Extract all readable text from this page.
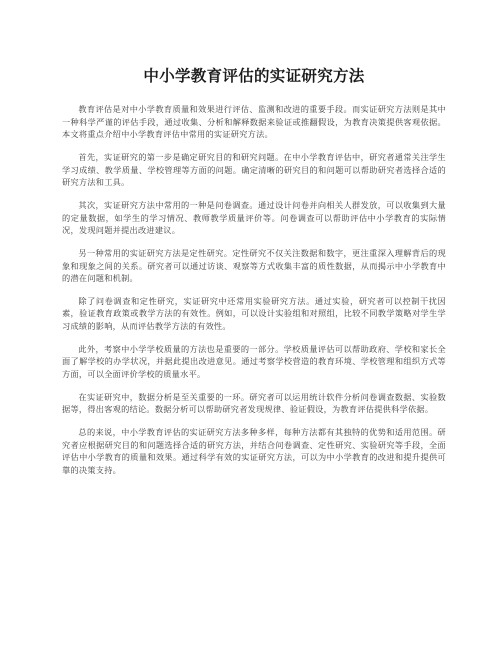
中小学教育评估的实证研究方法

教育评估是对中小学教育质量和效果进行评估、监测和改进的重要手段。而实证研究方法则是其中一种科学严谨的评估手段，通过收集、分析和解释数据来验证或推翻假设，为教育决策提供客观依据。本文将重点介绍中小学教育评估中常用的实证研究方法。

首先，实证研究的第一步是确定研究目的和研究问题。在中小学教育评估中，研究者通常关注学生学习成绩、教学质量、学校管理等方面的问题。确定清晰的研究目的和问题可以帮助研究者选择合适的研究方法和工具。

其次，实证研究方法中常用的一种是问卷调查。通过设计问卷并向相关人群发放，可以收集到大量的定量数据，如学生的学习情况、教师教学质量评价等。问卷调查可以帮助评估中小学教育的实际情况，发现问题并提出改进建议。

另一种常用的实证研究方法是定性研究。定性研究不仅关注数据和数字，更注重深入理解背后的现象和现象之间的关系。研究者可以通过访谈、观察等方式收集丰富的质性数据，从而揭示中小学教育中的潜在问题和机制。

除了问卷调查和定性研究，实证研究中还常用实验研究方法。通过实验，研究者可以控制干扰因素，验证教育政策或教学方法的有效性。例如，可以设计实验组和对照组，比较不同教学策略对学生学习成绩的影响，从而评估教学方法的有效性。

此外，考察中小学学校质量的方法也是重要的一部分。学校质量评估可以帮助政府、学校和家长全面了解学校的办学状况，并据此提出改进意见。通过考察学校营造的教育环境、学校管理和组织方式等方面，可以全面评价学校的质量水平。

在实证研究中，数据分析是至关重要的一环。研究者可以运用统计软件分析问卷调查数据、实验数据等，得出客观的结论。数据分析可以帮助研究者发现规律、验证假设，为教育评估提供科学依据。

总的来说，中小学教育评估的实证研究方法多种多样，每种方法都有其独特的优势和适用范围。研究者应根据研究目的和问题选择合适的研究方法，并结合问卷调查、定性研究、实验研究等手段，全面评估中小学教育的质量和效果。通过科学有效的实证研究方法，可以为中小学教育的改进和提升提供可靠的决策支持。
